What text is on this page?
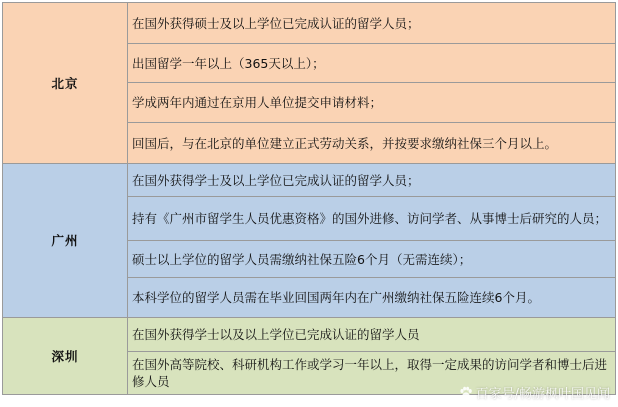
北京	在国外获得硕士及以上学位已完成认证的留学人员；
	出国留学一年以上（365天以上）；
	学成两年内通过在京用人单位提交申请材料；
	回国后，与在北京的单位建立正式劳动关系，并按要求缴纳社保三个月以上。
广州	在国外获得学士及以上学位已完成认证的留学人员；
	持有《广州市留学生人员优惠资格》的国外进修、访问学者、从事博士后研究的人员；
	硕士以上学位的留学人员需缴纳社保五险6个月（无需连续）；
	本科学位的留学人员需在毕业回国两年内在广州缴纳社保五险连续6个月。
深圳	在国外获得学士以及以上学位已完成认证的留学人员
	在国外高等院校、科研机构工作或学习一年以上，取得一定成果的访问学者和博士后进修人员
百家号/畅游枫叶国见闻
